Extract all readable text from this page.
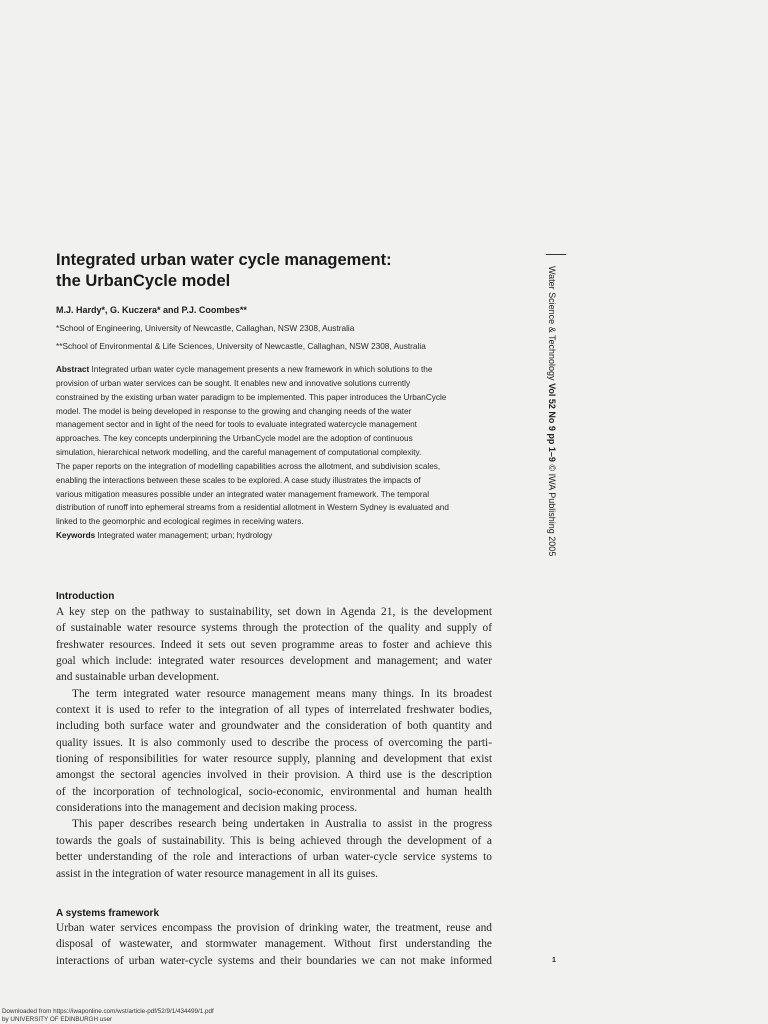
Integrated urban water cycle management:
the UrbanCycle model
M.J. Hardy*, G. Kuczera* and P.J. Coombes**
*School of Engineering, University of Newcastle, Callaghan, NSW 2308, Australia
**School of Environmental & Life Sciences, University of Newcastle, Callaghan, NSW 2308, Australia
Abstract Integrated urban water cycle management presents a new framework in which solutions to the
provision of urban water services can be sought. It enables new and innovative solutions currently
constrained by the existing urban water paradigm to be implemented. This paper introduces the UrbanCycle
model. The model is being developed in response to the growing and changing needs of the water
management sector and in light of the need for tools to evaluate integrated watercycle management
approaches. The key concepts underpinning the UrbanCycle model are the adoption of continuous
simulation, hierarchical network modelling, and the careful management of computational complexity.
The paper reports on the integration of modelling capabilities across the allotment, and subdivision scales,
enabling the interactions between these scales to be explored. A case study illustrates the impacts of
various mitigation measures possible under an integrated water management framework. The temporal
distribution of runoff into ephemeral streams from a residential allotment in Western Sydney is evaluated and
linked to the geomorphic and ecological regimes in receiving waters.
Keywords Integrated water management; urban; hydrology
Introduction
A key step on the pathway to sustainability, set down in Agenda 21, is the development
of sustainable water resource systems through the protection of the quality and supply of
freshwater resources. Indeed it sets out seven programme areas to foster and achieve this
goal which include: integrated water resources development and management; and water
and sustainable urban development.
The term integrated water resource management means many things. In its broadest
context it is used to refer to the integration of all types of interrelated freshwater bodies,
including both surface water and groundwater and the consideration of both quantity and
quality issues. It is also commonly used to describe the process of overcoming the parti-
tioning of responsibilities for water resource supply, planning and development that exist
amongst the sectoral agencies involved in their provision. A third use is the description
of the incorporation of technological, socio-economic, environmental and human health
considerations into the management and decision making process.
This paper describes research being undertaken in Australia to assist in the progress
towards the goals of sustainability. This is being achieved through the development of a
better understanding of the role and interactions of urban water-cycle service systems to
assist in the integration of water resource management in all its guises.
A systems framework
Urban water services encompass the provision of drinking water, the treatment, reuse and
disposal of wastewater, and stormwater management. Without first understanding the
interactions of urban water-cycle systems and their boundaries we can not make informed
Water Science & Technology Vol 52 No 9 pp 1–9 © IWA Publishing 2005
1
Downloaded from https://iwaponline.com/wst/article-pdf/52/9/1/434499/1.pdf
by UNIVERSITY OF EDINBURGH user
